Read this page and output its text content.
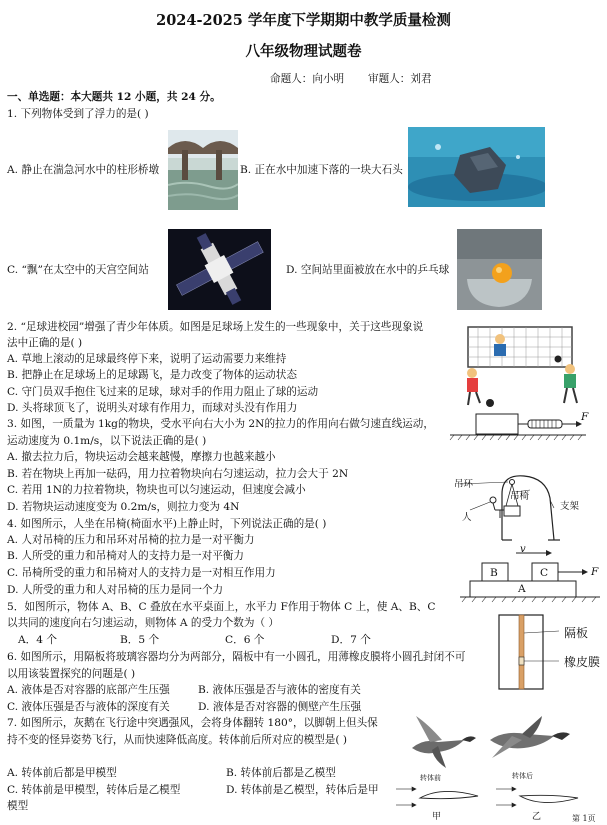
2024-2025 学年度下学期期中教学质量检测
八年级物理试题卷
命题人：向小明 审题人：刘君
一、单选题：本大题共 12 小题，共 24 分。
1. 下列物体受到了浮力的是( )
A. 静止在湍急河水中的柱形桥墩	B. 正在水中加速下落的一块大石头
C. “飘”在太空中的天宫空间站	D. 空间站里面被放在水中的乒乓球
2. “足球进校园”增强了青少年体质。如图是足球场上发生的一些现象中，关于这些现象说
法中正确的是( )
A. 草地上滚动的足球最终停下来，说明了运动需要力来维持
B. 把静止在足球场上的足球踢飞，是力改变了物体的运动状态
C. 守门员双手抱住飞过来的足球，球对手的作用力阻止了球的运动
D. 头将球顶飞了，说明头对球有作用力，而球对头没有作用力
3. 如图，一质量为 1kg的物块，受水平向右大小为 2N的拉力的作用向右做匀速直线运动，
运动速度为 0.1m/s，以下说法正确的是( )
A. 撤去拉力后，物块运动会越来越慢，摩擦力也越来越小
B. 若在物块上再加一砝码，用力拉着物块向右匀速运动，拉力会大于 2N
C. 若用 1N的力拉着物块，物块也可以匀速运动，但速度会减小
D. 若物块运动速度变为 0.2m/s，则拉力变为 4N
F
4. 如图所示，人坐在吊椅(椅面水平)上静止时，下列说法正确的是( )
A. 人对吊椅的压力和吊环对吊椅的拉力是一对平衡力
B. 人所受的重力和吊椅对人的支持力是一对平衡力
C. 吊椅所受的重力和吊椅对人的支持力是一对相互作用力
D. 人所受的重力和人对吊椅的压力是同一个力
吊环
吊椅
支架
人
5．如图所示，物体 A、B、C 叠放在水平桌面上，水平力 F作用于物体 C 上，使 A、B、C
以共同的速度向右匀速运动，则物体 A 的受力个数为（ ）
A．4 个	B．5 个	C．6 个	D．7 个
v
B	C
A
F
6. 如图所示，用隔板将玻璃容器均分为两部分，隔板中有一小圆孔，用薄橡皮膜将小圆孔封闭不可
以用该装置探究的问题是( )
A. 液体是否对容器的底部产生压强	B. 液体压强是否与液体的密度有关
C. 液体压强是否与液体的深度有关	D. 液体是否对容器的侧壁产生压强
隔板
橡皮膜
7. 如图所示，灰鹅在飞行途中突遇强风，会将身体翻转 180°，以脚朝上但头保
持不变的怪异姿势飞行，从而快速降低高度。转体前后所对应的模型是( )
A. 转体前后都是甲模型	B. 转体前后都是乙模型
C. 转体前是甲模型，转体后是乙模型	D. 转体前是乙模型，转体后是甲
模型
转体前	转体后
甲	乙	第 1页
